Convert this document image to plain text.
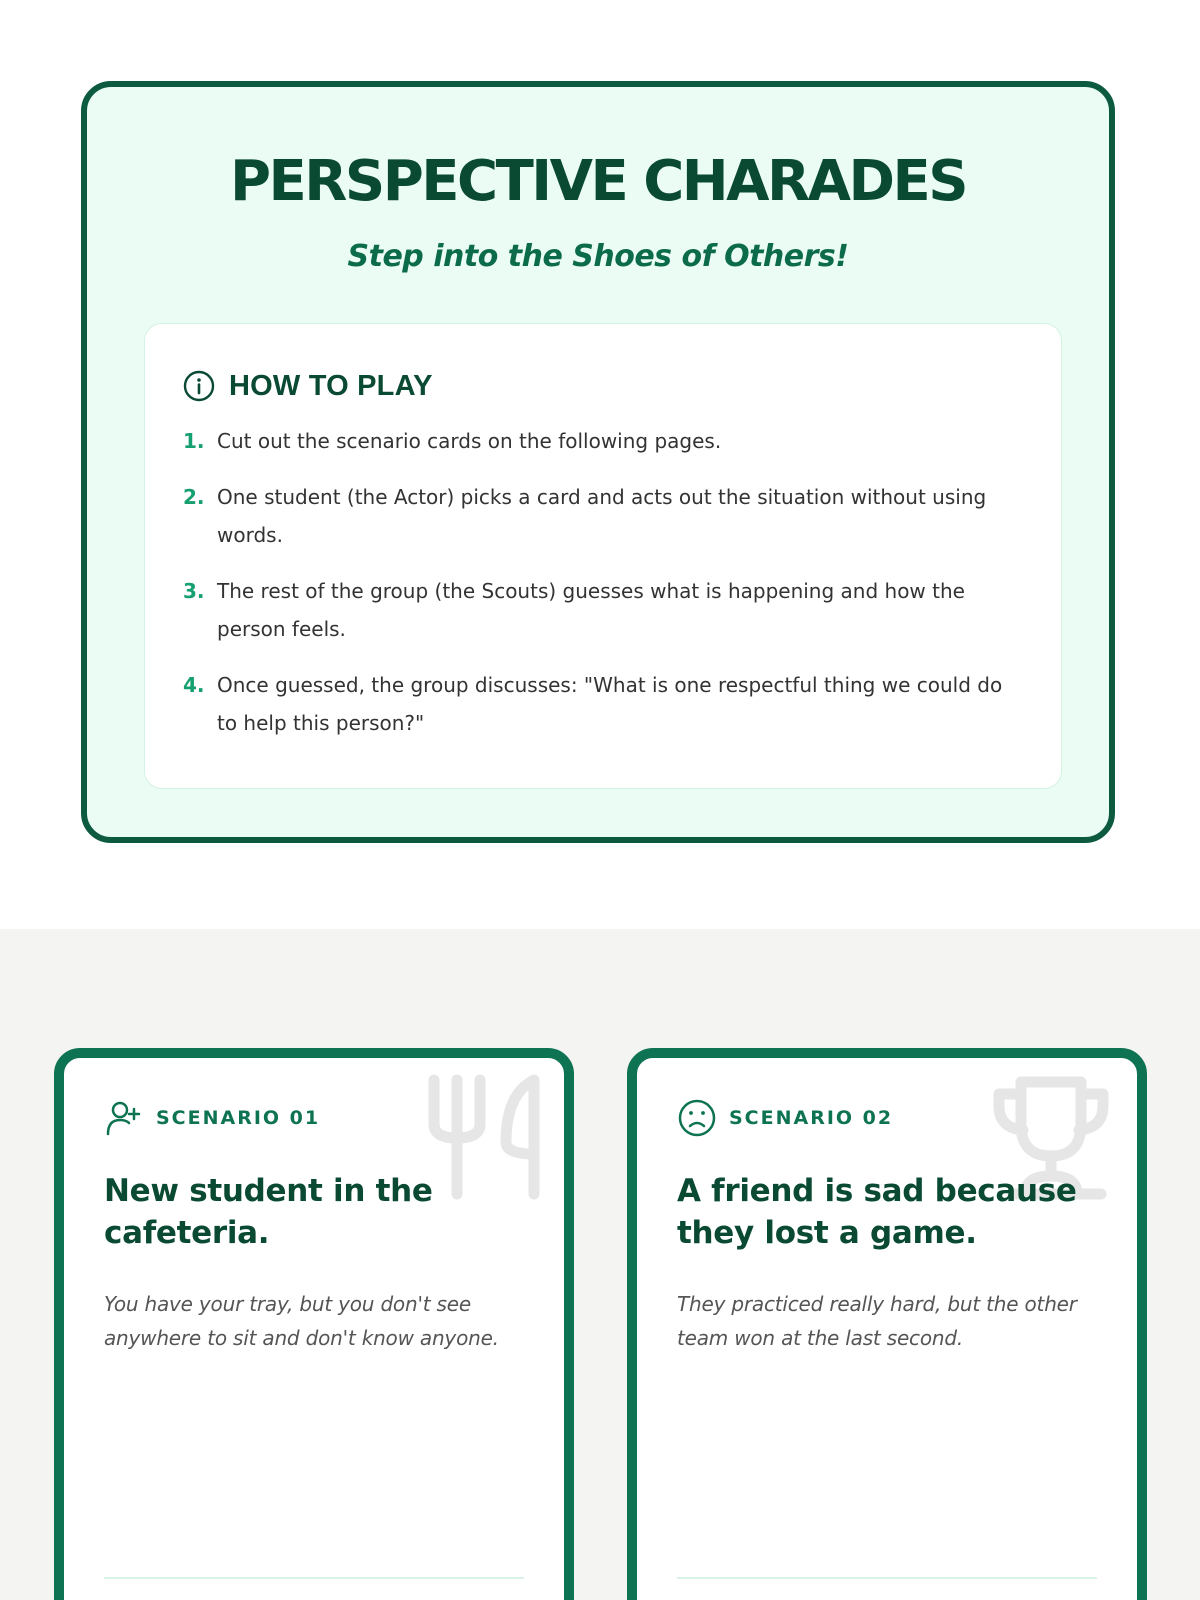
PERSPECTIVE CHARADES

Step into the Shoes of Others!

HOW TO PLAY
1. Cut out the scenario cards on the following pages.
2. One student (the Actor) picks a card and acts out the situation without using words.
3. The rest of the group (the Scouts) guesses what is happening and how the person feels.
4. Once guessed, the group discusses: "What is one respectful thing we could do to help this person?"
SCENARIO 01
New student in the cafeteria.

You have your tray, but you don't see anywhere to sit and don't know anyone.

SCENARIO 02
A friend is sad because they lost a game.

They practiced really hard, but the other team won at the last second.
